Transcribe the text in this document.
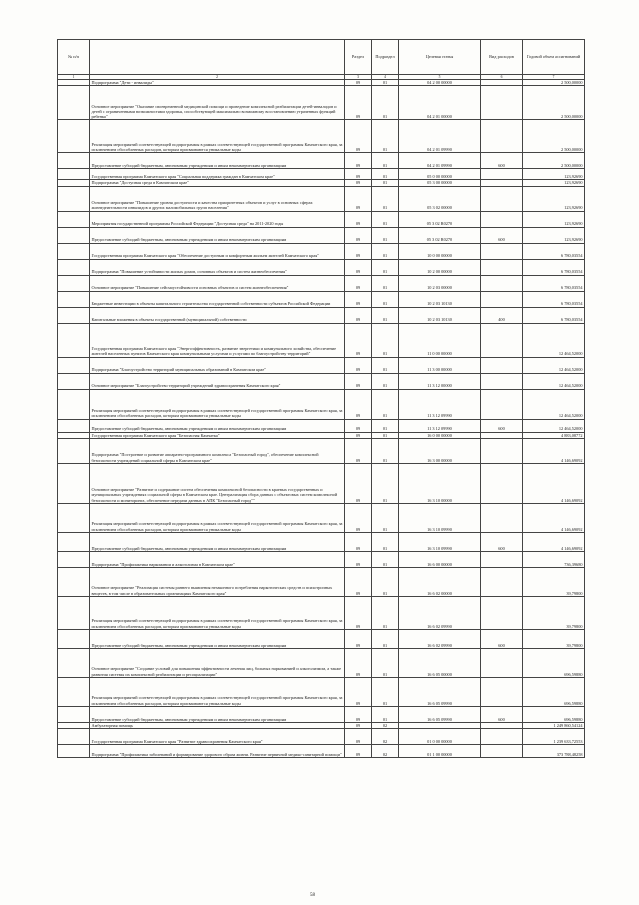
№ п/п		Раздел	Подраздел	Целевая статья	Вид расходов	Годовой объем ассигнований
1	2	3	4	5	6	7
	Подпрограмма "Дети - инвалиды"	09	01	04 2 00 00000		2 500,00000
	Основное мероприятие "Оказание своевременной медицинской помощи и проведение комплексной реабилитации детей-инвалидов и детей с ограниченными возможностями здоровья, способствующей максимально возможному восстановлению утраченных функций ребенка"	09	01	04 2 01 00000		2 500,00000
	Реализация мероприятий соответствующей подпрограммы в рамках соответствующей государственной программы Камчатского края, за исключением обособленных расходов, которым присваиваются уникальные коды	09	01	04 2 01 09990		2 500,00000
	Предоставление субсидий бюджетным, автономным учреждениям и иным некоммерческим организациям	09	01	04 2 01 09990	600	2 500,00000
	Государственная программа Камчатского края "Социальная поддержка граждан в Камчатском крае"	09	01	05 0 00 00000		123,92690
	Подпрограмма "Доступная среда в Камчатском крае"	09	01	05 3 00 00000		123,92690
	Основное мероприятие "Повышение уровня доступности и качества приоритетных объектов и услуг в основных сферах жизнедеятельности инвалидов и других маломобильных групп населения"	09	01	05 3 02 00000		123,92690
	Мероприятия государственной программы Российской Федерации "Доступная среда" на 2011-2020 годы	09	01	05 3 02 R0270		123,92690
	Предоставление субсидий бюджетным, автономным учреждениям и иным некоммерческим организациям	09	01	05 3 02 R0270	600	123,92690
	Государственная программа Камчатского края "Обеспечение доступным и комфортным жильем жителей Камчатского края"	09	01	10 0 00 00000		6 780,03554
	Подпрограмма "Повышение устойчивости жилых домов, основных объектов и систем жизнеобеспечения"	09	01	10 2 00 00000		6 780,03554
	Основное мероприятие "Повышение сейсмоустойчивости основных объектов и систем жизнеобеспечения"	09	01	10 2 03 00000		6 780,03554
	Бюджетные инвестиции в объекты капитального строительства государственной собственности субъектов Российской Федерации	09	01	10 2 03 10130		6 780,03554
	Капитальные вложения в объекты государственной (муниципальной) собственности	09	01	10 2 03 10130	400	6 780,03554
	Государственная программа Камчатского края "Энергоэффективность, развитие энергетики и коммунального хозяйства, обеспечение жителей населенных пунктов Камчатского края коммунальными услугами и услугами по благоустройству территорий"	09	01	11 0 00 00000		12 464,52000
	Подпрограмма "Благоустройство территорий муниципальных образований в Камчатском крае"	09	01	11 3 00 00000		12 464,52000
	Основное мероприятие "Благоустройство территорий учреждений здравоохранения Камчатского края"	09	01	11 3 12 00000		12 464,52000
	Реализация мероприятий соответствующей подпрограммы в рамках соответствующей государственной программы Камчатского края, за исключением обособленных расходов, которым присваиваются уникальные коды	09	01	11 3 12 09990		12 464,52000
	Предоставление субсидий бюджетным, автономным учреждениям и иным некоммерческим организациям	09	01	11 3 12 09990	600	12 464,52000
	Государственная программа Камчатского края "Безопасная Камчатка"	09	01	16 0 00 00000		4 883,08772
	Подпрограмма "Построение и развитие аппаратно-программного комплекса "Безопасный город", обеспечение комплексной безопасности учреждений социальной сферы в Камчатском крае"	09	01	16 3 00 00000		4 146,69092
	Основное мероприятие "Развитие и содержание систем обеспечения комплексной безопасности в краевых государственных и муниципальных учреждениях социальной сферы в Камчатском крае. Централизация сбора данных с объектовых систем комплексной безопасности и мониторинга, обеспечение передачи данных в АПК "Безопасный город""	09	01	16 3 10 00000		4 146,69092
	Реализация мероприятий соответствующей подпрограммы в рамках соответствующей государственной программы Камчатского края, за исключением обособленных расходов, которым присваиваются уникальные коды	09	01	16 3 10 09990		4 146,69092
	Предоставление субсидий бюджетным, автономным учреждениям и иным некоммерческим организациям	09	01	16 3 10 09990	600	4 146,69092
	Подпрограмма "Профилактика наркомании и алкоголизма в Камчатском крае"	09	01	16 6 00 00000		736,39680
	Основное мероприятие "Реализация системы раннего выявления незаконного потребления наркотических средств и психотропных веществ, в том числе в образовательных организациях Камчатского края"	09	01	16 6 02 00000		39,79800
	Реализация мероприятий соответствующей подпрограммы в рамках соответствующей государственной программы Камчатского края, за исключением обособленных расходов, которым присваиваются уникальные коды	09	01	16 6 02 09990		39,79800
	Предоставление субсидий бюджетным, автономным учреждениям и иным некоммерческим организациям	09	01	16 6 02 09990	600	39,79800
	Основное мероприятие "Создание условий для повышения эффективности лечения лиц, больных наркоманией и алкоголизмом, а также развития системы их комплексной реабилитации и ресоциализации"	09	01	16 6 05 00000		696,59880
	Реализация мероприятий соответствующей подпрограммы в рамках соответствующей государственной программы Камчатского края, за исключением обособленных расходов, которым присваиваются уникальные коды	09	01	16 6 05 09990		696,59880
	Предоставление субсидий бюджетным, автономным учреждениям и иным некоммерческим организациям	09	01	16 6 05 09990	600	696,59880
	Амбулаторная помощь	09	02			1 249 860,54124
	Государственная программа Камчатского края "Развитие здравоохранения Камчатского края"	09	02	01 0 00 00000		1 239 633,72553
	Подпрограмма "Профилактика заболеваний и формирование здорового образа жизни. Развитие первичной медико-санитарной помощи"	09	02	01 1 00 00000		373 788,48258
58
